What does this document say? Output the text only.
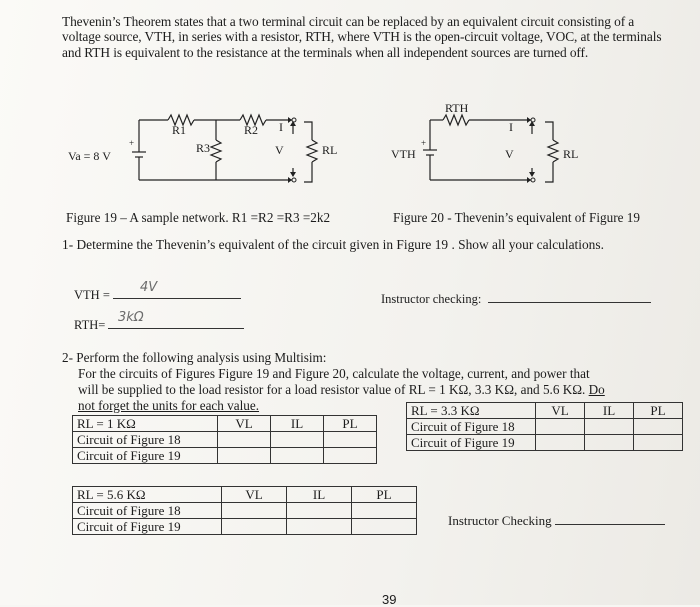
Thevenin’s Theorem states that a two terminal circuit can be replaced by an equivalent circuit consisting of a voltage source, VTH, in series with a resistor, RTH, where VTH is the open-circuit voltage, VOC, at the terminals and RTH is equivalent to the resistance at the terminals when all independent sources are turned off.
Va = 8 V
+
R1	R2
R3	V
I
RL
RTH
VTH
+
I
V	RL
Figure 19 – A sample network. R1 =R2 =R3 =2k2	Figure 20 - Thevenin’s equivalent of Figure 19
1- Determine the Thevenin’s equivalent of the circuit given in Figure 19 . Show all your calculations.
VTH =	4V
Instructor checking:
RTH= 3kΩ
2- Perform the following analysis using Multisim:
For the circuits of Figures Figure 19 and Figure 20, calculate the voltage, current, and power that
will be supplied to the load resistor for a load resistor value of RL = 1 KΩ, 3.3 KΩ, and 5.6 KΩ. Do
not forget the units for each value.
RL = 1 KΩ	VL	IL	PL
Circuit of Figure 18			
Circuit of Figure 19			
RL = 3.3 KΩ	VL	IL	PL
Circuit of Figure 18			
Circuit of Figure 19			
RL = 5.6 KΩ	VL	IL	PL
Circuit of Figure 18			
Circuit of Figure 19				Instructor Checking
39
